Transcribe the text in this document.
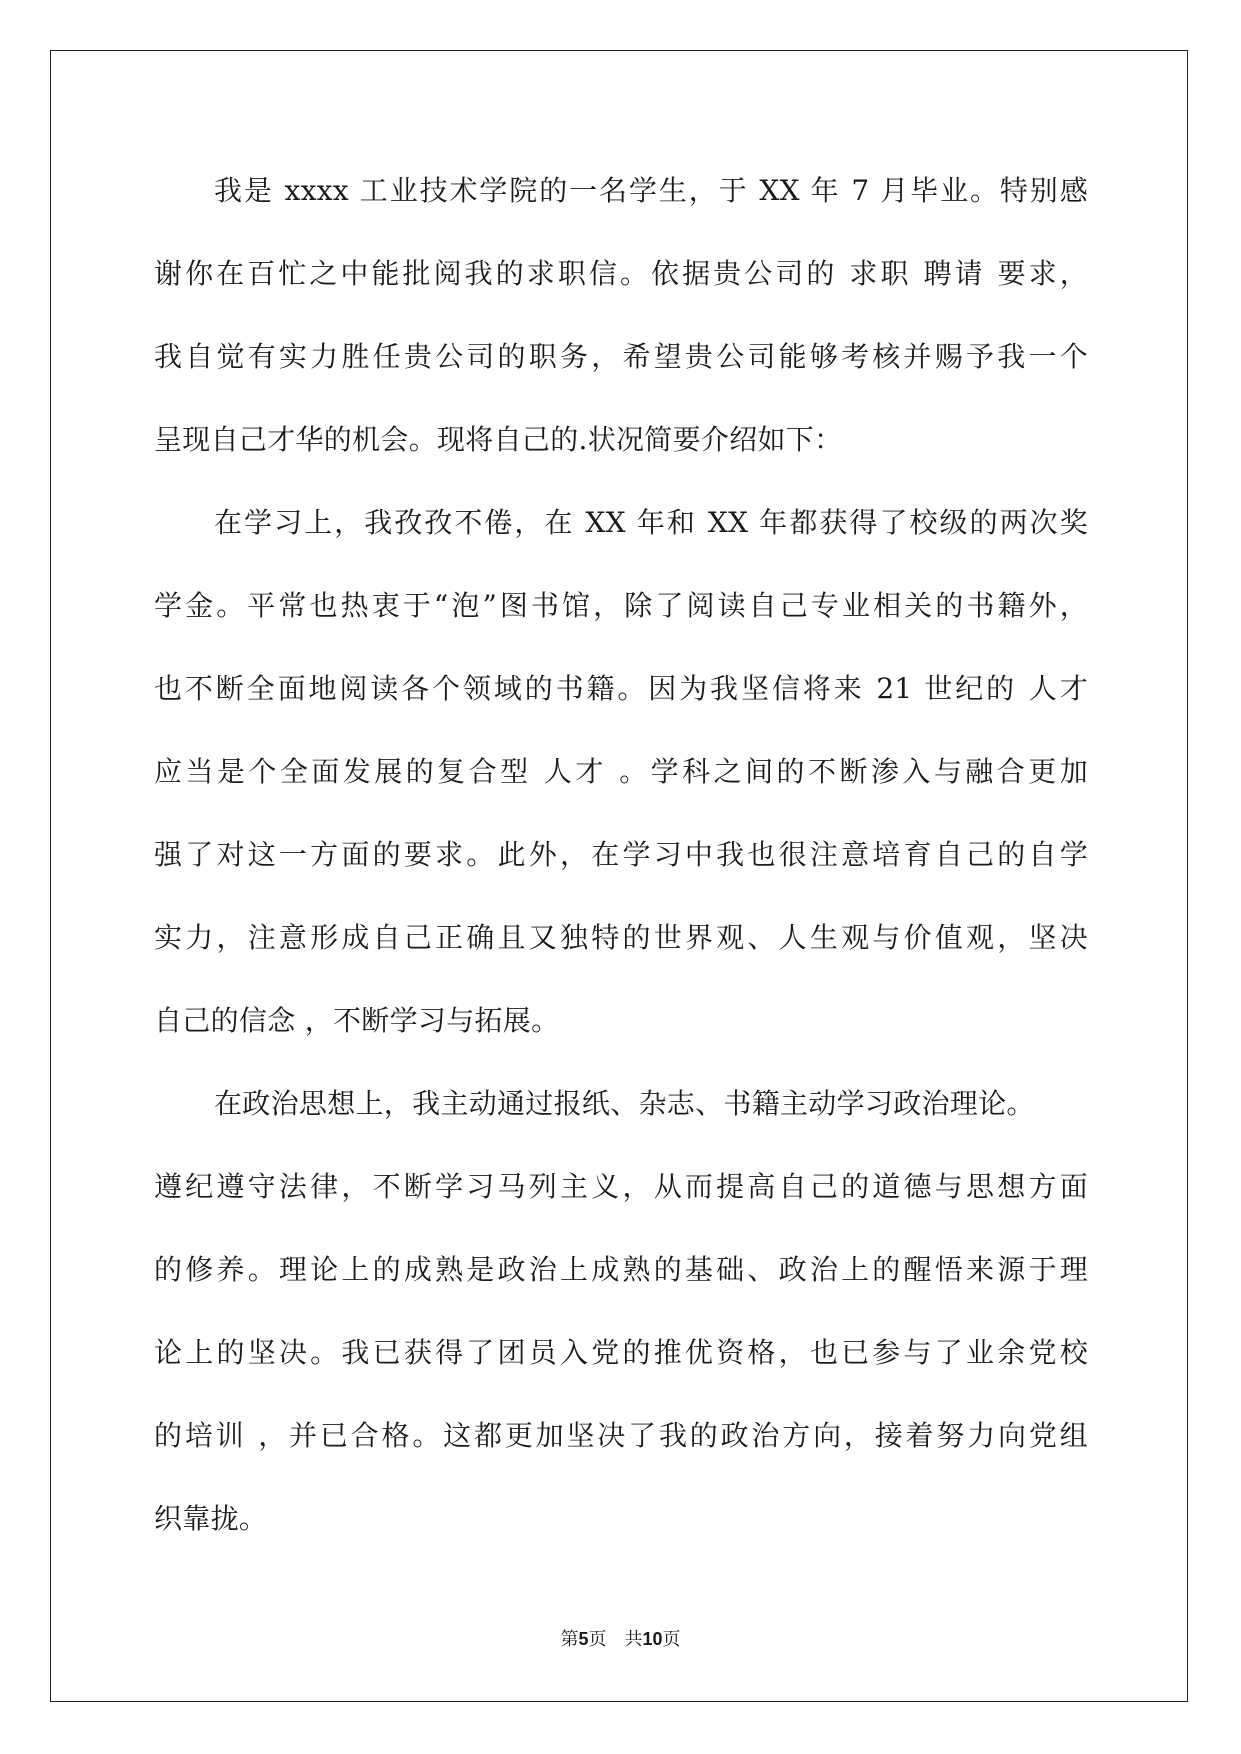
我是 xxxx 工业技术学院的一名学生，于 XX 年 7 月毕业。特别感
谢你在百忙之中能批阅我的求职信。依据贵公司的 求职 聘请 要求，
我自觉有实力胜任贵公司的职务，希望贵公司能够考核并赐予我一个
呈现自己才华的机会。现将自己的.状况简要介绍如下：
在学习上，我孜孜不倦，在 XX 年和 XX 年都获得了校级的两次奖
学金。平常也热衷于“泡”图书馆，除了阅读自己专业相关的书籍外，
也不断全面地阅读各个领域的书籍。因为我坚信将来 21 世纪的 人才
应当是个全面发展的复合型 人才 。学科之间的不断渗入与融合更加
强了对这一方面的要求。此外，在学习中我也很注意培育自己的自学
实力，注意形成自己正确且又独特的世界观、人生观与价值观，坚决
自己的信念 ，不断学习与拓展。
在政治思想上，我主动通过报纸、杂志、书籍主动学习政治理论。
遵纪遵守法律，不断学习马列主义，从而提高自己的道德与思想方面
的修养。理论上的成熟是政治上成熟的基础、政治上的醒悟来源于理
论上的坚决。我已获得了团员入党的推优资格，也已参与了业余党校
的培训 ，并已合格。这都更加坚决了我的政治方向，接着努力向党组
织靠拢。
第5页 共10页
